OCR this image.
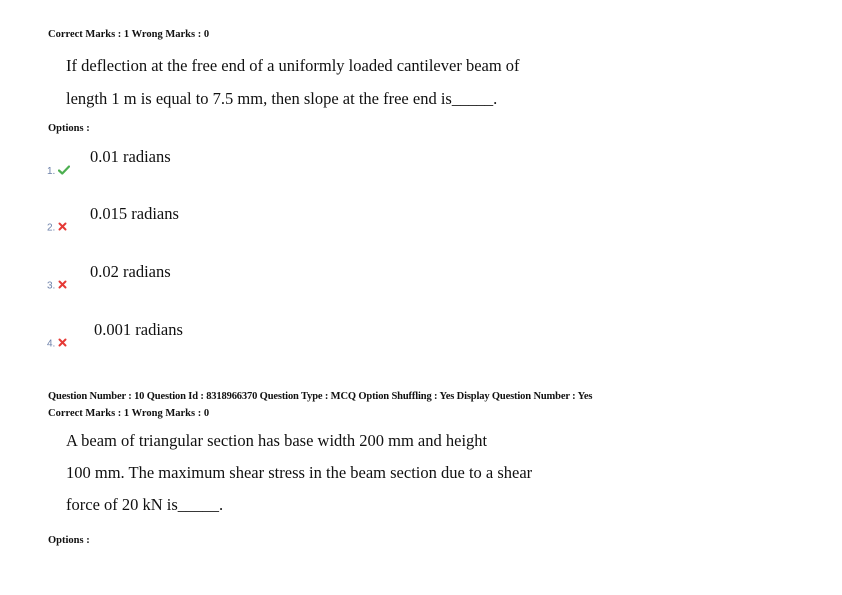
Correct Marks : 1 Wrong Marks : 0
If deflection at the free end of a uniformly loaded cantilever beam of
length 1 m is equal to 7.5 mm, then slope at the free end is_____.
Options :
0.01 radians
1.
0.015 radians
2.
0.02 radians
3.
0.001 radians
4.
Question Number : 10 Question Id : 8318966370 Question Type : MCQ Option Shuffling : Yes Display Question Number : Yes
Correct Marks : 1 Wrong Marks : 0
A beam of triangular section has base width 200 mm and height
100 mm. The maximum shear stress in the beam section due to a shear
force of 20 kN is_____.
Options :
